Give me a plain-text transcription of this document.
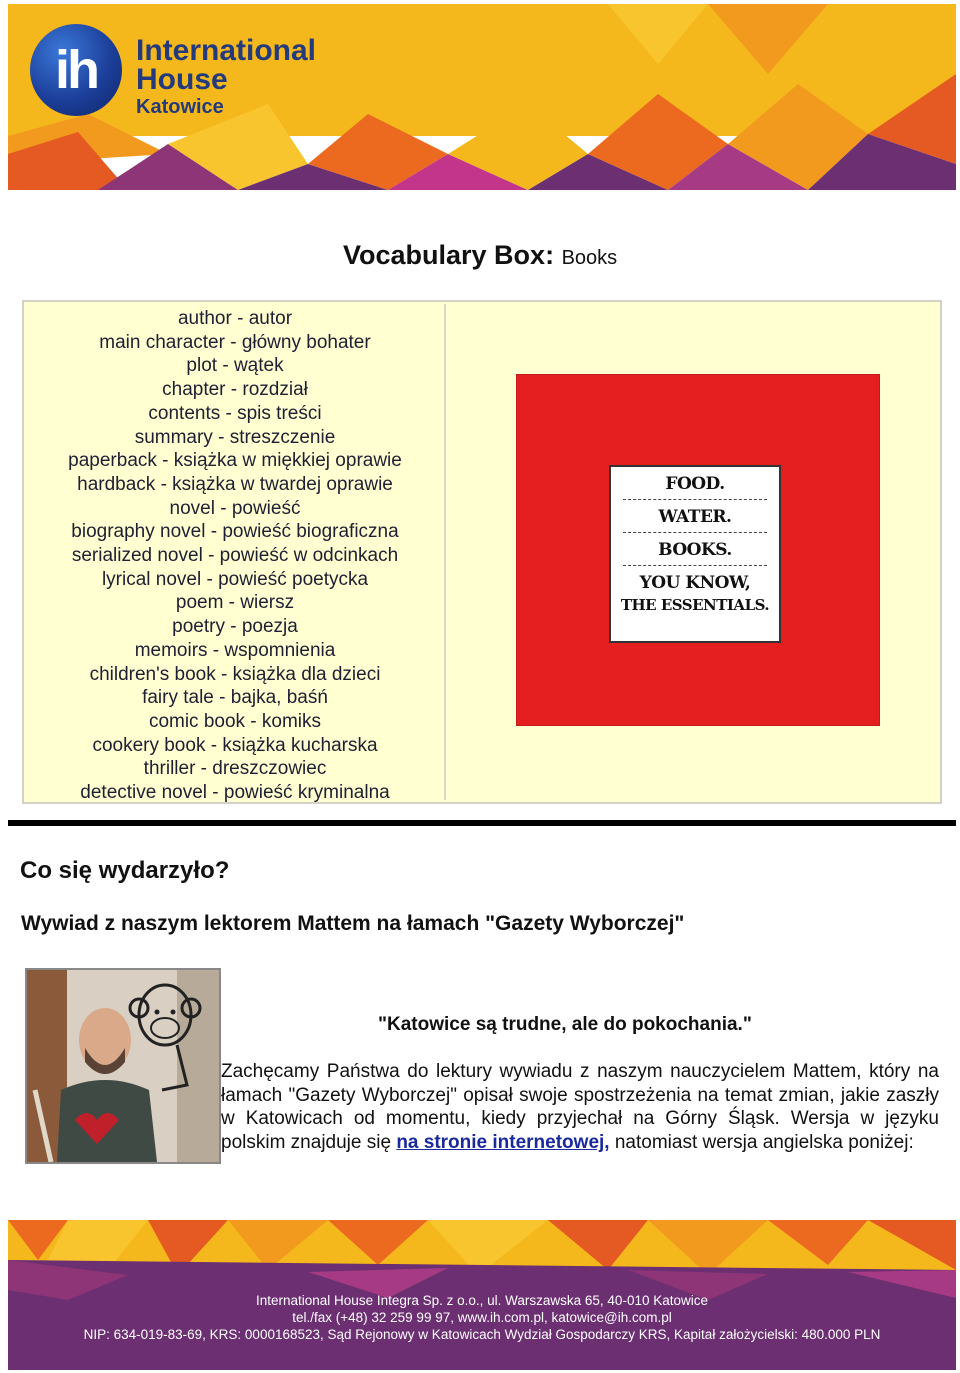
ih	International
House
Katowice
Vocabulary Box: Books
author - autor
main character - główny bohater
plot - wątek
chapter - rozdział
contents - spis treści
summary - streszczenie
paperback - książka w miękkiej oprawie
hardback - książka w twardej oprawie
novel - powieść
biography novel - powieść biograficzna
serialized novel - powieść w odcinkach
lyrical novel - powieść poetycka
poem - wiersz
poetry - poezja
memoirs - wspomnienia
children's book - książka dla dzieci
fairy tale - bajka, baśń
comic book - komiks
cookery book - książka kucharska
thriller - dreszczowiec
detective novel - powieść kryminalna
FOOD.
WATER.
BOOKS.
YOU KNOW,
THE ESSENTIALS.
Co się wydarzyło?
Wywiad z naszym lektorem Mattem na łamach "Gazety Wyborczej"
"Katowice są trudne, ale do pokochania."
Zachęcamy Państwa do lektury wywiadu z naszym nauczycielem Mattem, który na łamach "Gazety Wyborczej" opisał swoje spostrzeżenia na temat zmian, jakie zaszły w Katowicach od momentu, kiedy przyjechał na Górny Śląsk. Wersja w języku polskim znajduje się na stronie internetowej, natomiast wersja angielska poniżej:
International House Integra Sp. z o.o., ul. Warszawska 65, 40-010 Katowice
tel./fax (+48) 32 259 99 97, www.ih.com.pl, katowice@ih.com.pl
NIP: 634-019-83-69, KRS: 0000168523, Sąd Rejonowy w Katowicach Wydział Gospodarczy KRS, Kapitał założycielski: 480.000 PLN
